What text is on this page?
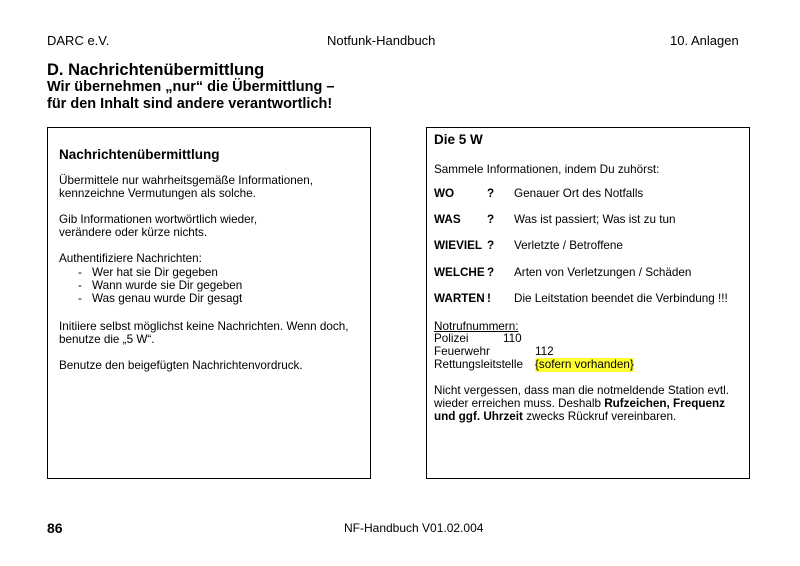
DARC e.V.	Notfunk-Handbuch	10. Anlagen
D. Nachrichtenübermittlung
Wir übernehmen „nur“ die Übermittlung –
für den Inhalt sind andere verantwortlich!
Nachrichtenübermittlung
Übermittele nur wahrheitsgemäße Informationen,
kennzeichne Vermutungen als solche.
Gib Informationen wortwörtlich wieder,
verändere oder kürze nichts.
Authentifiziere Nachrichten:
- Wer hat sie Dir gegeben
- Wann wurde sie Dir gegeben
- Was genau wurde Dir gesagt
Initiiere selbst möglichst keine Nachrichten. Wenn doch,
benutze die „5 W“.
Benutze den beigefügten Nachrichtenvordruck.
Die 5 W
Sammele Informationen, indem Du zuhörst:
WO	? Genauer Ort des Notfalls
WAS ? Was ist passiert; Was ist zu tun
WIEVIEL ? Verletzte / Betroffene
WELCHE ? Arten von Verletzungen / Schäden
WARTEN ! Die Leitstation beendet die Verbindung !!!
Notrufnummern:
Polizei	110
Feuerwehr	112
Rettungsleitstelle {sofern vorhanden}
Nicht vergessen, dass man die notmeldende Station evtl.
wieder erreichen muss. Deshalb Rufzeichen, Frequenz
und ggf. Uhrzeit zwecks Rückruf vereinbaren.
86	NF-Handbuch V01.02.004
